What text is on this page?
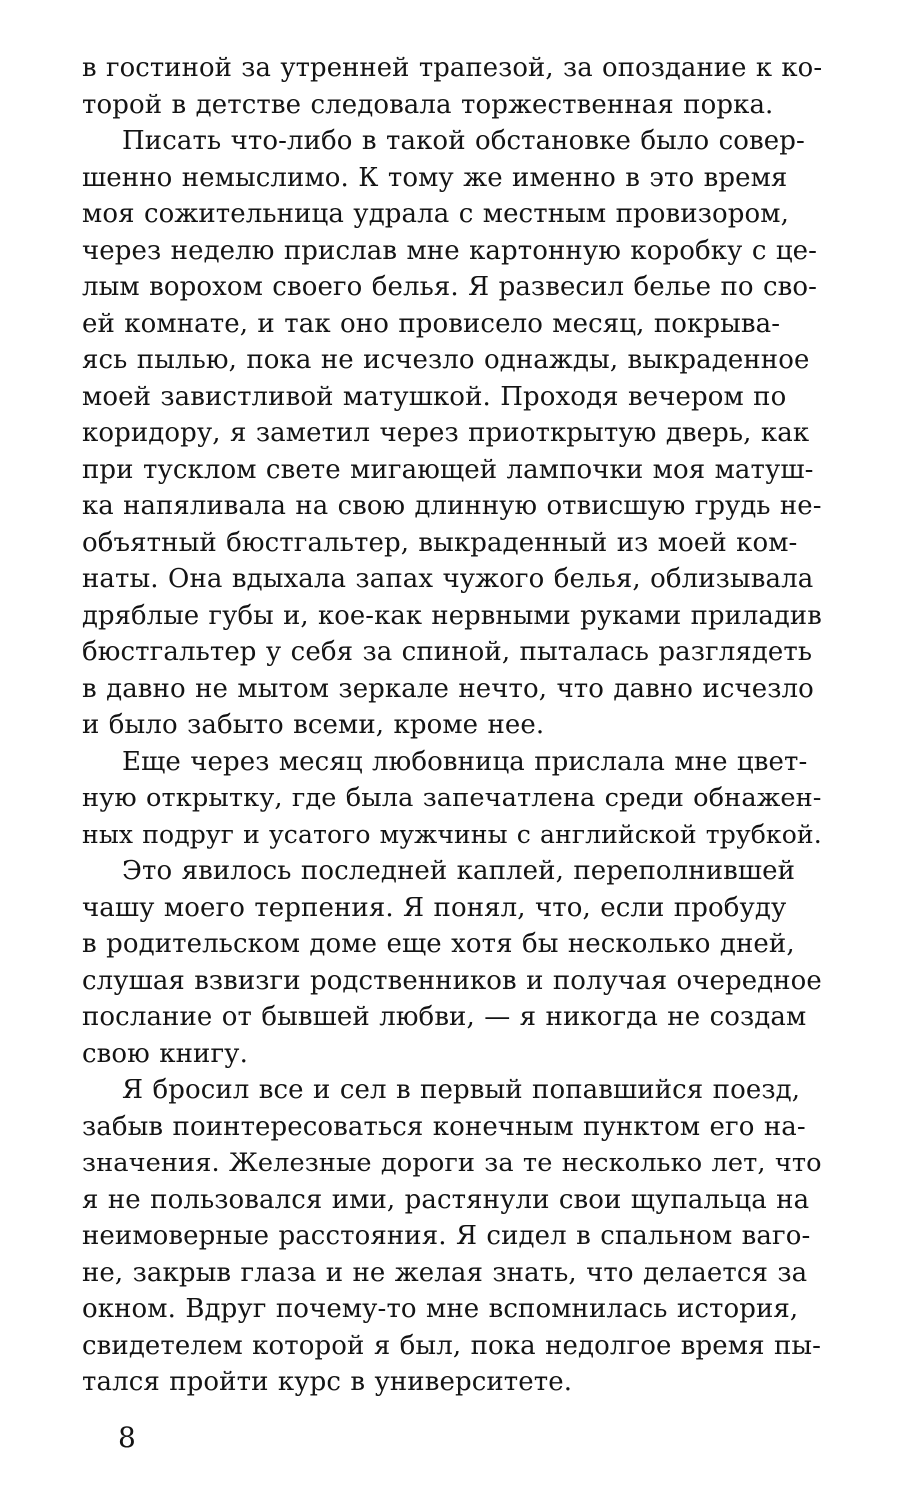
в гостиной за утренней трапезой, за опоздание к ко-
торой в детстве следовала торжественная порка.
Писать что-либо в такой обстановке было совер-
шенно немыслимо. К тому же именно в это время
моя сожительница удрала с местным провизором,
через неделю прислав мне картонную коробку с це-
лым ворохом своего белья. Я развесил белье по сво-
ей комнате, и так оно провисело месяц, покрыва-
ясь пылью, пока не исчезло однажды, выкраденное
моей завистливой матушкой. Проходя вечером по
коридору, я заметил через приоткрытую дверь, как
при тусклом свете мигающей лампочки моя матуш-
ка напяливала на свою длинную отвисшую грудь не-
объятный бюстгальтер, выкраденный из моей ком-
наты. Она вдыхала запах чужого белья, облизывала
дряблые губы и, кое-как нервными руками приладив
бюстгальтер у себя за спиной, пыталась разглядеть
в давно не мытом зеркале нечто, что давно исчезло
и было забыто всеми, кроме нее.
Еще через месяц любовница прислала мне цвет-
ную открытку, где была запечатлена среди обнажен-
ных подруг и усатого мужчины с английской трубкой.
Это явилось последней каплей, переполнившей
чашу моего терпения. Я понял, что, если пробуду
в родительском доме еще хотя бы несколько дней,
слушая взвизги родственников и получая очередное
послание от бывшей любви, — я никогда не создам
свою книгу.
Я бросил все и сел в первый попавшийся поезд,
забыв поинтересоваться конечным пунктом его на-
значения. Железные дороги за те несколько лет, что
я не пользовался ими, растянули свои щупальца на
неимоверные расстояния. Я сидел в спальном ваго-
не, закрыв глаза и не желая знать, что делается за
окном. Вдруг почему-то мне вспомнилась история,
свидетелем которой я был, пока недолгое время пы-
тался пройти курс в университете.
8
